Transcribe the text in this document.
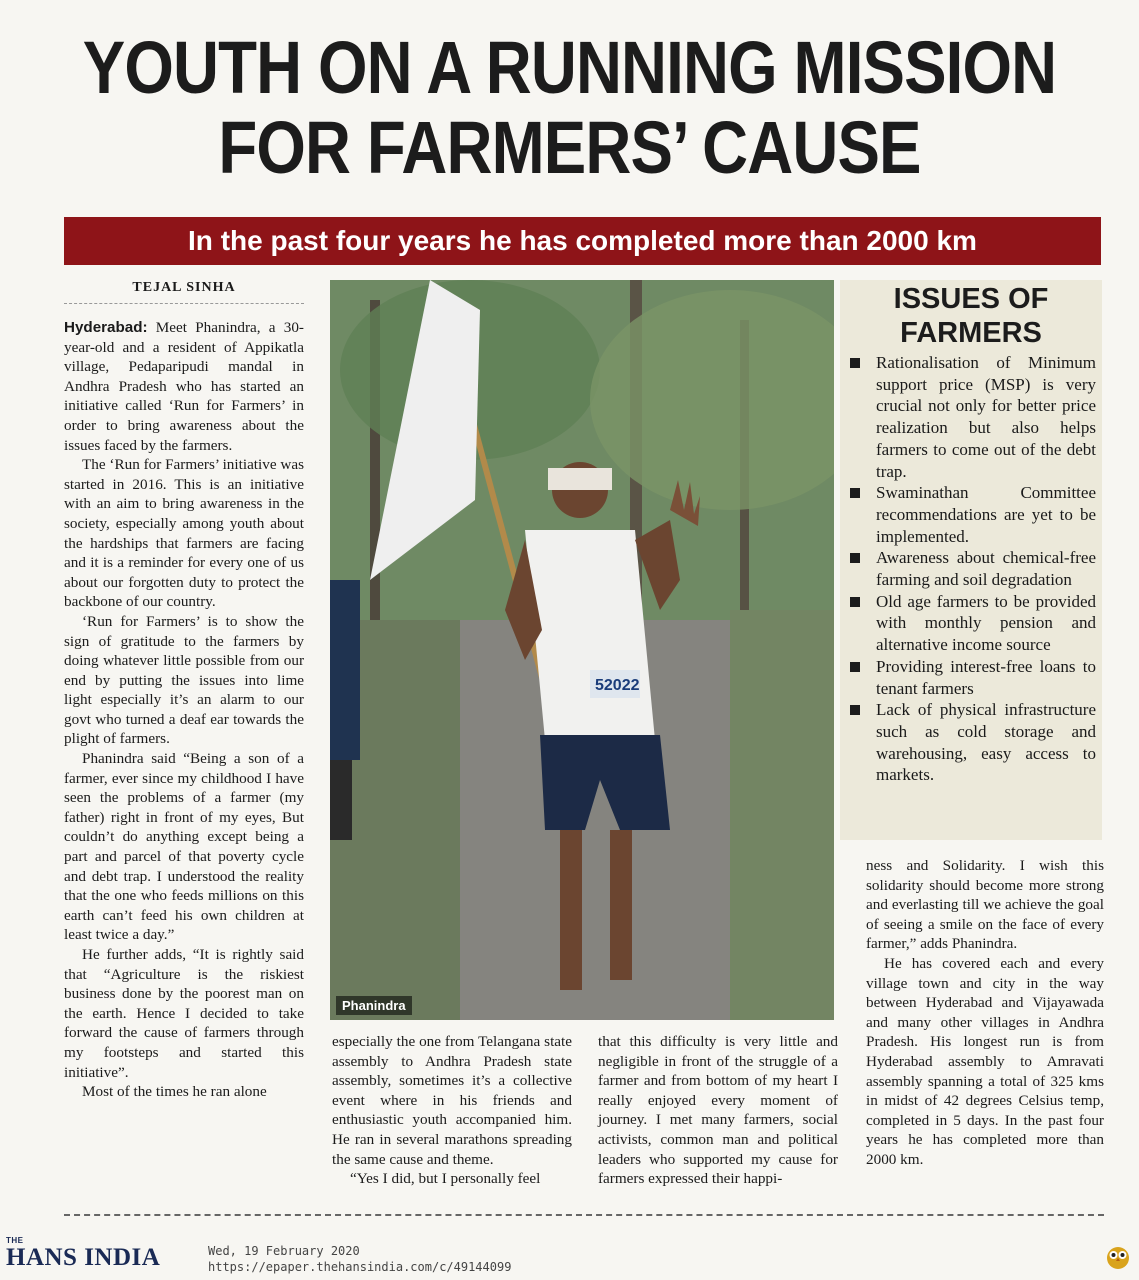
YOUTH ON A RUNNING MISSION
FOR FARMERS’ CAUSE
In the past four years he has completed more than 2000 km
TEJAL SINHA

Hyderabad: Meet Phanindra, a 30-year-old and a resident of Appikatla village, Pedaparipudi mandal in Andhra Pradesh who has started an initiative called ‘Run for Farmers’ in order to bring awareness about the issues faced by the farmers.

The ‘Run for Farmers’ initiative was started in 2016. This is an initiative with an aim to bring awareness in the society, especially among youth about the hardships that farmers are facing and it is a reminder for every one of us about our forgotten duty to protect the backbone of our country.

‘Run for Farmers’ is to show the sign of gratitude to the farmers by doing whatever little possible from our end by putting the issues into lime light especially it’s an alarm to our govt who turned a deaf ear towards the plight of farmers.

Phanindra said “Being a son of a farmer, ever since my childhood I have seen the problems of a farmer (my father) right in front of my eyes, But couldn’t do anything except being a part and parcel of that poverty cycle and debt trap. I understood the reality that the one who feeds millions on this earth can’t feed his own children at least twice a day.”

He further adds, “It is rightly said that “Agriculture is the riskiest business done by the poorest man on the earth. Hence I decided to take forward the cause of farmers through my footsteps and started this initiative”.

Most of the times he ran alone

52022
Phanindra
ISSUES OF
FARMERS
Rationalisation of Minimum support price (MSP) is very crucial not only for better price realization but also helps farmers to come out of the debt trap.
Swaminathan Committee recommendations are yet to be implemented.
Awareness about chemical-free farming and soil degradation
Old age farmers to be provided with monthly pension and alternative income source
Providing interest-free loans to tenant farmers
Lack of physical infrastructure such as cold storage and warehousing, easy access to markets.

especially the one from Telangana state assembly to Andhra Pradesh state assembly, sometimes it’s a collective event where in his friends and enthusiastic youth accompanied him. He ran in several marathons spreading the same cause and theme.

“Yes I did, but I personally feel

that this difficulty is very little and negligible in front of the struggle of a farmer and from bottom of my heart I really enjoyed every moment of journey. I met many farmers, social activists, common man and political leaders who supported my cause for farmers expressed their happi-

ness and Solidarity. I wish this solidarity should become more strong and everlasting till we achieve the goal of seeing a smile on the face of every farmer,” adds Phanindra.

He has covered each and every village town and city in the way between Hyderabad and Vijayawada and many other villages in Andhra Pradesh. His longest run is from Hyderabad assembly to Amravati assembly spanning a total of 325 kms in midst of 42 degrees Celsius temp, completed in 5 days. In the past four years he has completed more than 2000 km.

THE
HANS INDIA	Wed, 19 February 2020
https://epaper.thehansindia.com/c/49144099
